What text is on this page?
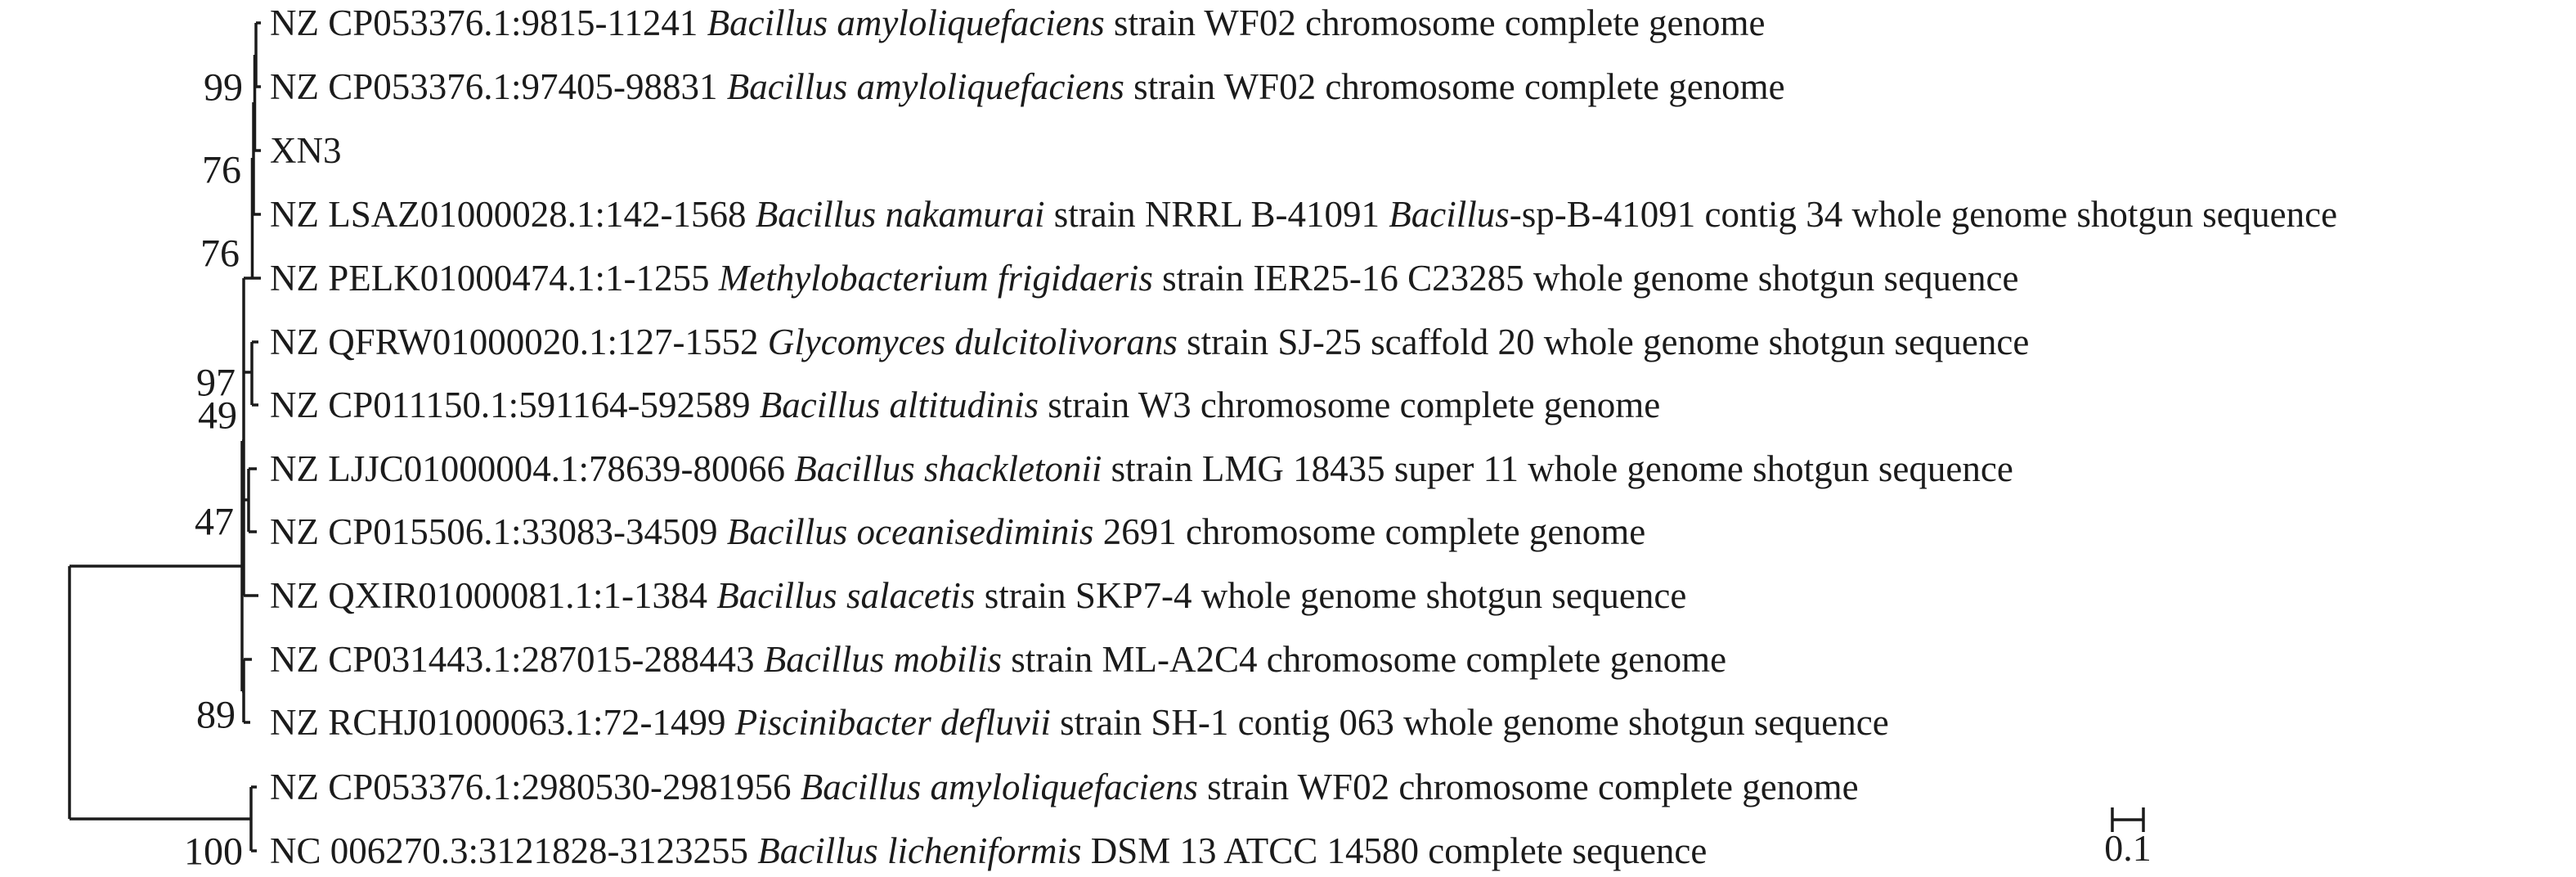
NZ CP053376.1:9815-11241 Bacillus amyloliquefaciens strain WF02 chromosome complete genome
NZ CP053376.1:97405-98831 Bacillus amyloliquefaciens strain WF02 chromosome complete genome
XN3
NZ LSAZ01000028.1:142-1568 Bacillus nakamurai strain NRRL B-41091 Bacillus-sp-B-41091 contig 34 whole genome shotgun sequence
NZ PELK01000474.1:1-1255 Methylobacterium frigidaeris strain IER25-16 C23285 whole genome shotgun sequence
NZ QFRW01000020.1:127-1552 Glycomyces dulcitolivorans strain SJ-25 scaffold 20 whole genome shotgun sequence
NZ CP011150.1:591164-592589 Bacillus altitudinis strain W3 chromosome complete genome
NZ LJJC01000004.1:78639-80066 Bacillus shackletonii strain LMG 18435 super 11 whole genome shotgun sequence
NZ CP015506.1:33083-34509 Bacillus oceanisediminis 2691 chromosome complete genome
NZ QXIR01000081.1:1-1384 Bacillus salacetis strain SKP7-4 whole genome shotgun sequence
NZ CP031443.1:287015-288443 Bacillus mobilis strain ML-A2C4 chromosome complete genome
NZ RCHJ01000063.1:72-1499 Piscinibacter defluvii strain SH-1 contig 063 whole genome shotgun sequence
NZ CP053376.1:2980530-2981956 Bacillus amyloliquefaciens strain WF02 chromosome complete genome
NC 006270.3:3121828-3123255 Bacillus licheniformis DSM 13 ATCC 14580 complete sequence
99
76
76
97
49
47
89
100	0.1
